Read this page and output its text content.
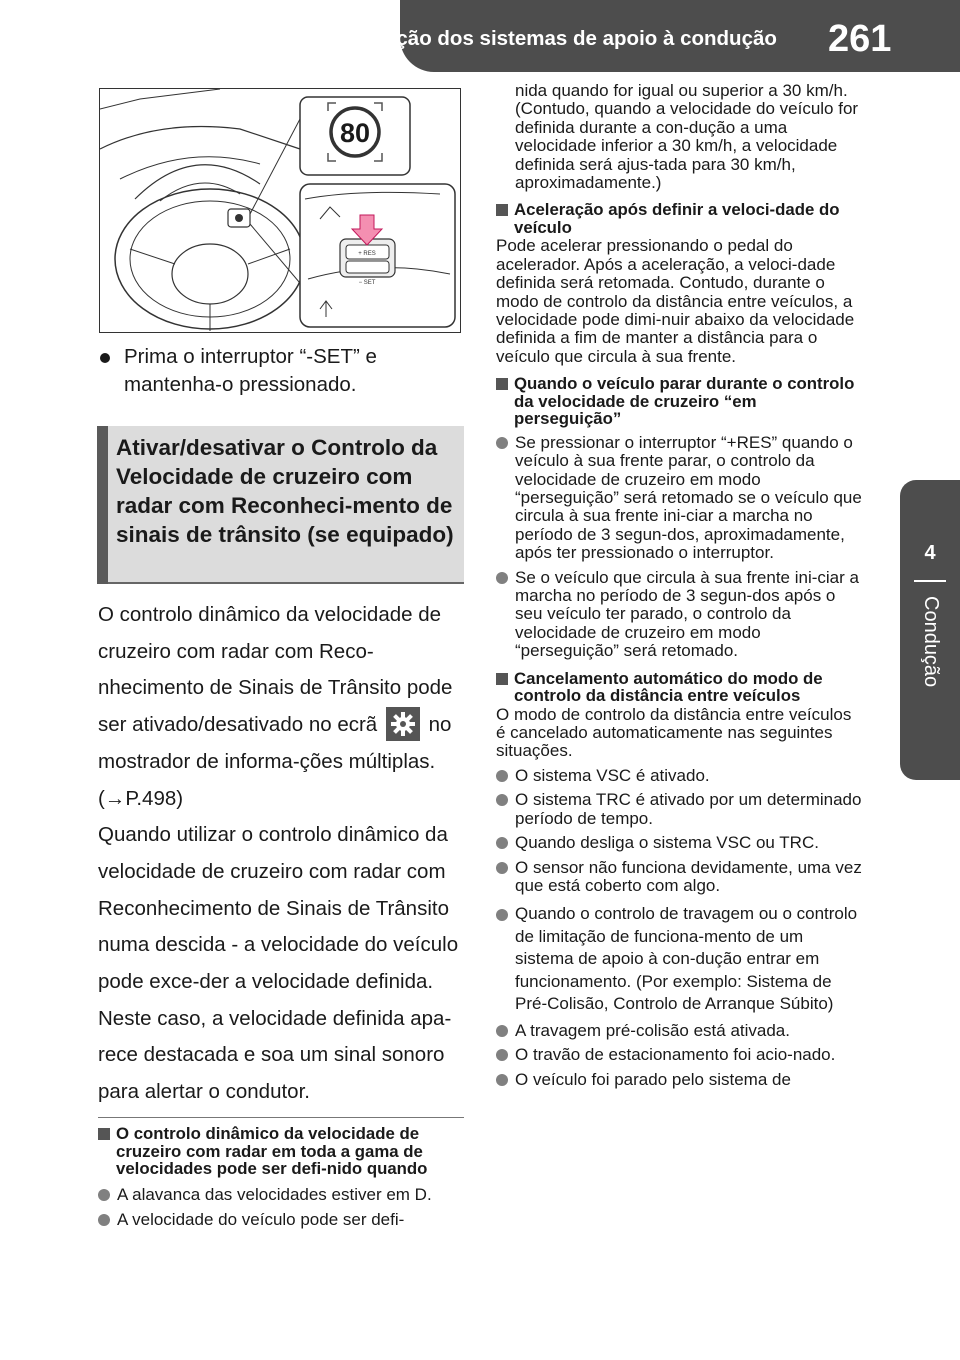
4-5. Utilização dos sistemas de apoio à condução 261
4
Condução
80
+ RES
− SET
Prima o interruptor “-SET” e mantenha-o pressionado.
Ativar/desativar o Controlo da Velocidade de cruzeiro com radar com Reconheci-mento de sinais de trânsito (se equipado)

O controlo dinâmico da velocidade de cruzeiro com radar com Reco-nhecimento de Sinais de Trânsito pode ser ativado/desativado no ecrã	no mostrador de informa-ções múltiplas. (→P.498)

Quando utilizar o controlo dinâmico da velocidade de cruzeiro com radar com Reconhecimento de Sinais de Trânsito numa descida - a velocidade do veículo pode exce-der a velocidade definida. Neste caso, a velocidade definida apa-rece destacada e soa um sinal sonoro para alertar o condutor.

O controlo dinâmico da velocidade de cruzeiro com radar em toda a gama de velocidades pode ser defi-nido quando
A alavanca das velocidades estiver em D.
A velocidade do veículo pode ser defi-

nida quando for igual ou superior a 30 km/h. (Contudo, quando a velocidade do veículo for definida durante a con-dução a uma velocidade inferior a 30 km/h, a velocidade definida será ajus-tada para 30 km/h, aproximadamente.)

Aceleração após definir a veloci-dade do veículo

Pode acelerar pressionando o pedal do acelerador. Após a aceleração, a veloci-dade definida será retomada. Contudo, durante o modo de controlo da distância entre veículos, a velocidade pode dimi-nuir abaixo da velocidade definida a fim de manter a distância para o veículo que circula à sua frente.

Quando o veículo parar durante o controlo da velocidade de cruzeiro “em perseguição”
Se pressionar o interruptor “+RES” quando o veículo à sua frente parar, o controlo da velocidade de cruzeiro em modo “perseguição” será retomado se o veículo que circula à sua frente ini-ciar a marcha no período de 3 segun-dos, aproximadamente, após ter pressionado o interruptor.
Se o veículo que circula à sua frente ini-ciar a marcha no período de 3 segun-dos após o seu veículo ter parado, o controlo da velocidade de cruzeiro em modo “perseguição” será retomado.
Cancelamento automático do modo de controlo da distância entre veículos

O modo de controlo da distância entre veículos é cancelado automaticamente nas seguintes situações.

O sistema VSC é ativado.
O sistema TRC é ativado por um determinado período de tempo.
Quando desliga o sistema VSC ou TRC.
O sensor não funciona devidamente, uma vez que está coberto com algo.
Quando o controlo de travagem ou o controlo de limitação de funciona-mento de um sistema de apoio à con-dução entrar em funcionamento. (Por exemplo: Sistema de Pré-Colisão, Controlo de Arranque Súbito)
A travagem pré-colisão está ativada.
O travão de estacionamento foi acio-nado.
O veículo foi parado pelo sistema de
